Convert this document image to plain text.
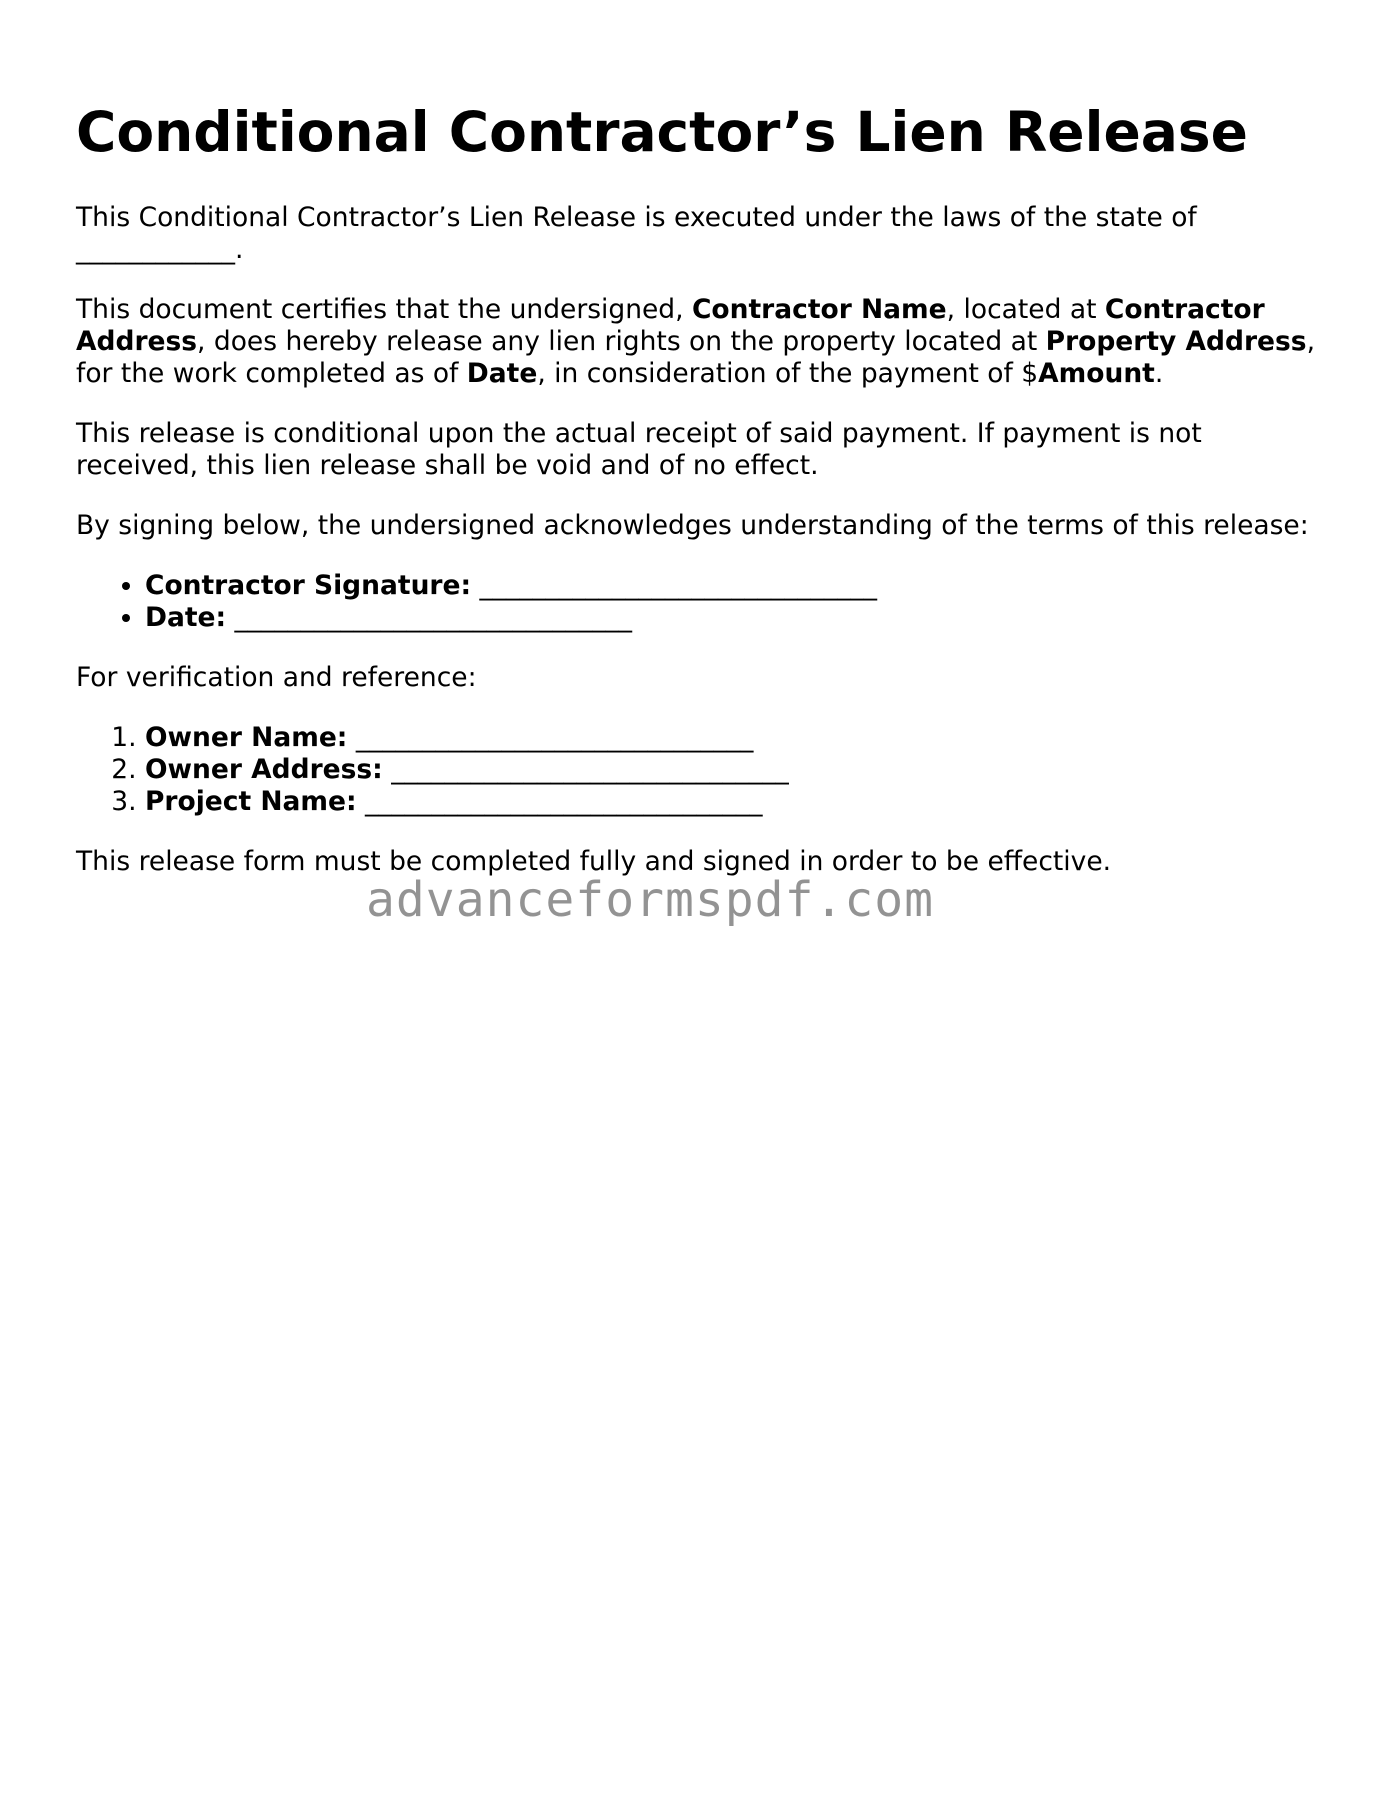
Conditional Contractor’s Lien Release

This Conditional Contractor’s Lien Release is executed under the laws of the state of
____________.

This document certifies that the undersigned, Contractor Name, located at Contractor Address, does hereby release any lien rights on the property located at Property Address, for the work completed as of Date, in consideration of the payment of $Amount.

This release is conditional upon the actual receipt of said payment. If payment is not received, this lien release shall be void and of no effect.

By signing below, the undersigned acknowledges understanding of the terms of this release:

• Contractor Signature: ______________________________
• Date: ______________________________

For verification and reference:

1. Owner Name: ______________________________
2. Owner Address: ______________________________
3. Project Name: ______________________________

This release form must be completed fully and signed in order to be effective.

advanceformspdf.com
